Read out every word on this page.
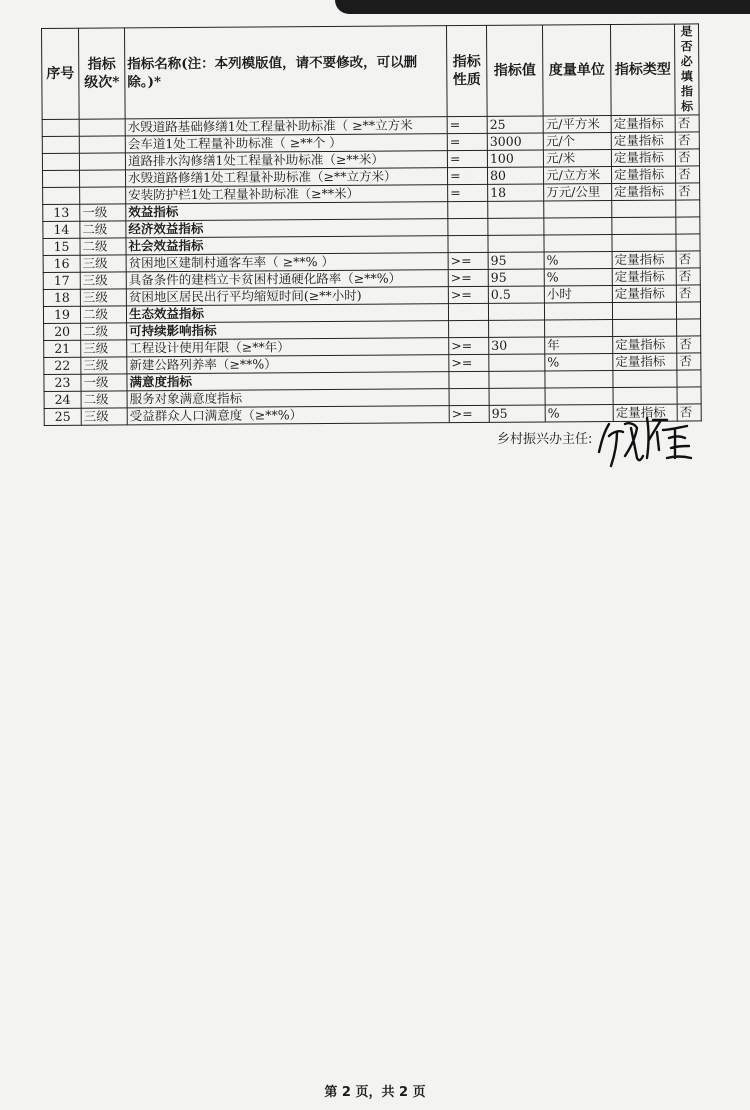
序号	指标级次*	指标名称(注：本列模版值，请不要修改，可以删除。)*	指标性质	指标值	度量单位	指标类型	是否必填指标
		水毁道路基础修缮1处工程量补助标准（ ≥**立方米	=	25	元/平方米	定量指标	否
		会车道1处工程量补助标准（ ≥**个 ）	=	3000	元/个	定量指标	否
		道路排水沟修缮1处工程量补助标准（≥**米）	=	100	元/米	定量指标	否
		水毁道路修缮1处工程量补助标准（≥**立方米）	=	80	元/立方米	定量指标	否
		安装防护栏1处工程量补助标准（≥**米）	=	18	万元/公里	定量指标	否
13	一级	效益指标					
14	二级	经济效益指标					
15	二级	社会效益指标					
16	三级	贫困地区建制村通客车率（ ≥**% ）	>=	95	%	定量指标	否
17	三级	具备条件的建档立卡贫困村通硬化路率（≥**%）	>=	95	%	定量指标	否
18	三级	贫困地区居民出行平均缩短时间(≥**小时)	>=	0.5	小时	定量指标	否
19	二级	生态效益指标					
20	二级	可持续影响指标					
21	三级	工程设计使用年限（≥**年）	>=	30	年	定量指标	否
22	三级	新建公路列养率（≥**%）	>=		%	定量指标	否
23	一级	满意度指标					
24	二级	服务对象满意度指标					
25	三级	受益群众人口满意度（≥**%）	>=	95	%	定量指标	否
乡村振兴办主任:
第 2 页，共 2 页
